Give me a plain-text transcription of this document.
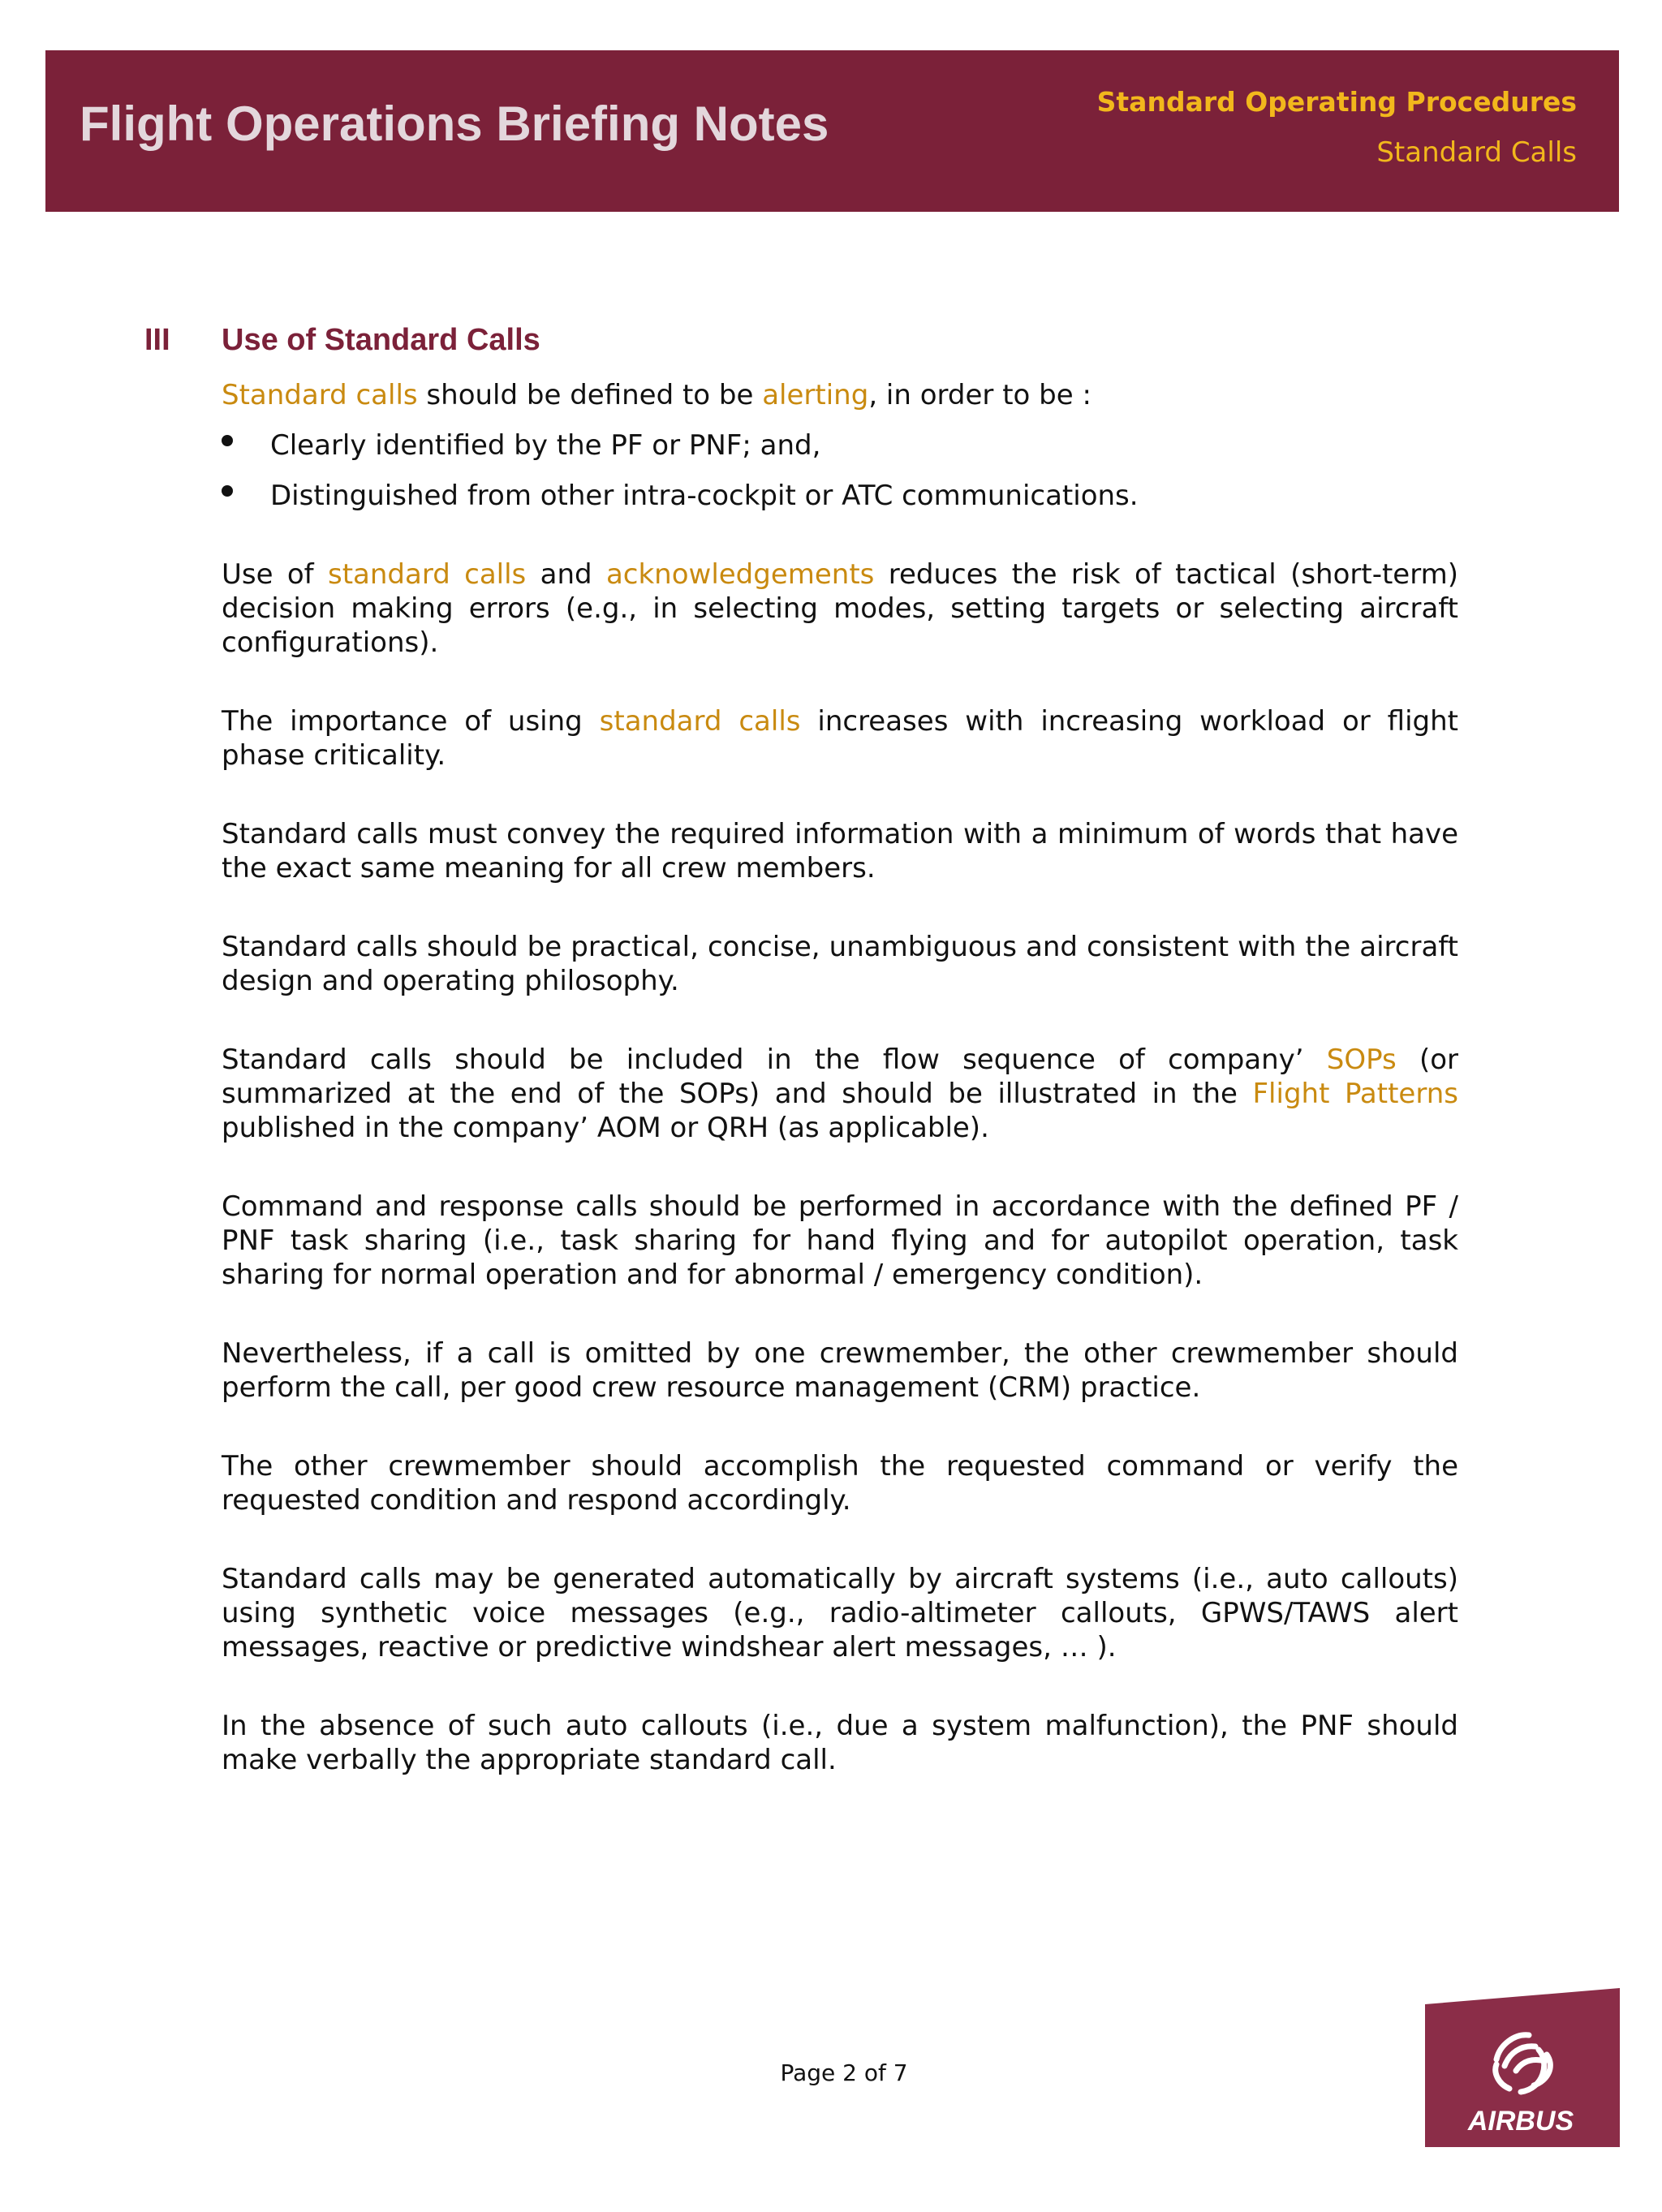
Flight Operations Briefing Notes	Standard Operating Procedures
Standard Calls
III Use of Standard Calls

Standard calls should be defined to be alerting, in order to be :

Clearly identified by the PF or PNF; and,
Distinguished from other intra-cockpit or ATC communications.

Use of standard calls and acknowledgements reduces the risk of tactical (short-term) decision making errors (e.g., in selecting modes, setting targets or selecting aircraft configurations).

The importance of using standard calls increases with increasing workload or flight phase criticality.

Standard calls must convey the required information with a minimum of words that have the exact same meaning for all crew members.

Standard calls should be practical, concise, unambiguous and consistent with the aircraft design and operating philosophy.

Standard calls should be included in the flow sequence of company’ SOPs (or summarized at the end of the SOPs) and should be illustrated in the Flight Patterns published in the company’ AOM or QRH (as applicable).

Command and response calls should be performed in accordance with the defined PF / PNF task sharing (i.e., task sharing for hand flying and for autopilot operation, task sharing for normal operation and for abnormal / emergency condition).

Nevertheless, if a call is omitted by one crewmember, the other crewmember should perform the call, per good crew resource management (CRM) practice.

The other crewmember should accomplish the requested command or verify the requested condition and respond accordingly.

Standard calls may be generated automatically by aircraft systems (i.e., auto callouts) using synthetic voice messages (e.g., radio-altimeter callouts, GPWS/TAWS alert messages, reactive or predictive windshear alert messages, … ).

In the absence of such auto callouts (i.e., due a system malfunction), the PNF should make verbally the appropriate standard call.

Page 2 of 7
AIRBUS
